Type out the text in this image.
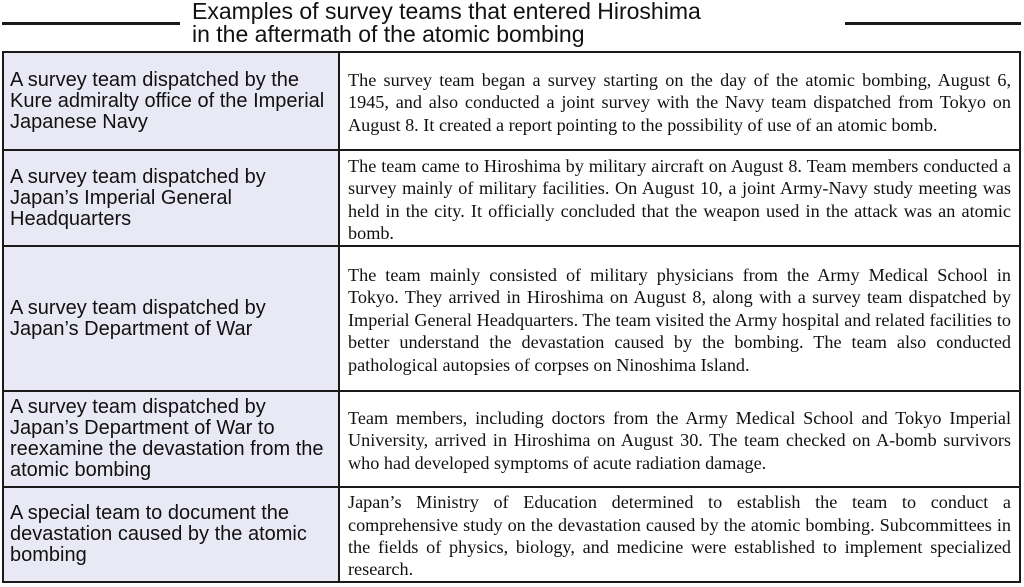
Examples of survey teams that entered Hiroshima
in the aftermath of the atomic bombing
A survey team dispatched by the Kure admiralty office of the Imperial Japanese Navy
The survey team began a survey starting on the day of the atomic bombing, August 6, 1945, and also conducted a joint survey with the Navy team dispatched from Tokyo on August 8. It created a report pointing to the possibility of use of an atomic bomb.
A survey team dispatched by Japan’s Imperial General Headquarters
The team came to Hiroshima by military aircraft on August 8. Team members conducted a survey mainly of military facilities. On August 10, a joint Army-Navy study meeting was held in the city. It officially concluded that the weapon used in the attack was an atomic bomb.
A survey team dispatched by Japan’s Department of War
The team mainly consisted of military physicians from the Army Medical School in Tokyo. They arrived in Hiroshima on August 8, along with a survey team dispatched by Imperial General Headquarters. The team visited the Army hospital and related facilities to better understand the devastation caused by the bombing. The team also conducted pathological autopsies of corpses on Ninoshima Island.
A survey team dispatched by Japan’s Department of War to reexamine the devastation from the atomic bombing
Team members, including doctors from the Army Medical School and Tokyo Imperial University, arrived in Hiroshima on August 30. The team checked on A-bomb survivors who had developed symptoms of acute radiation damage.
A special team to document the devastation caused by the atomic bombing
Japan’s Ministry of Education determined to establish the team to conduct a comprehensive study on the devastation caused by the atomic bombing. Subcommittees in the fields of physics, biology, and medicine were established to implement specialized research.
